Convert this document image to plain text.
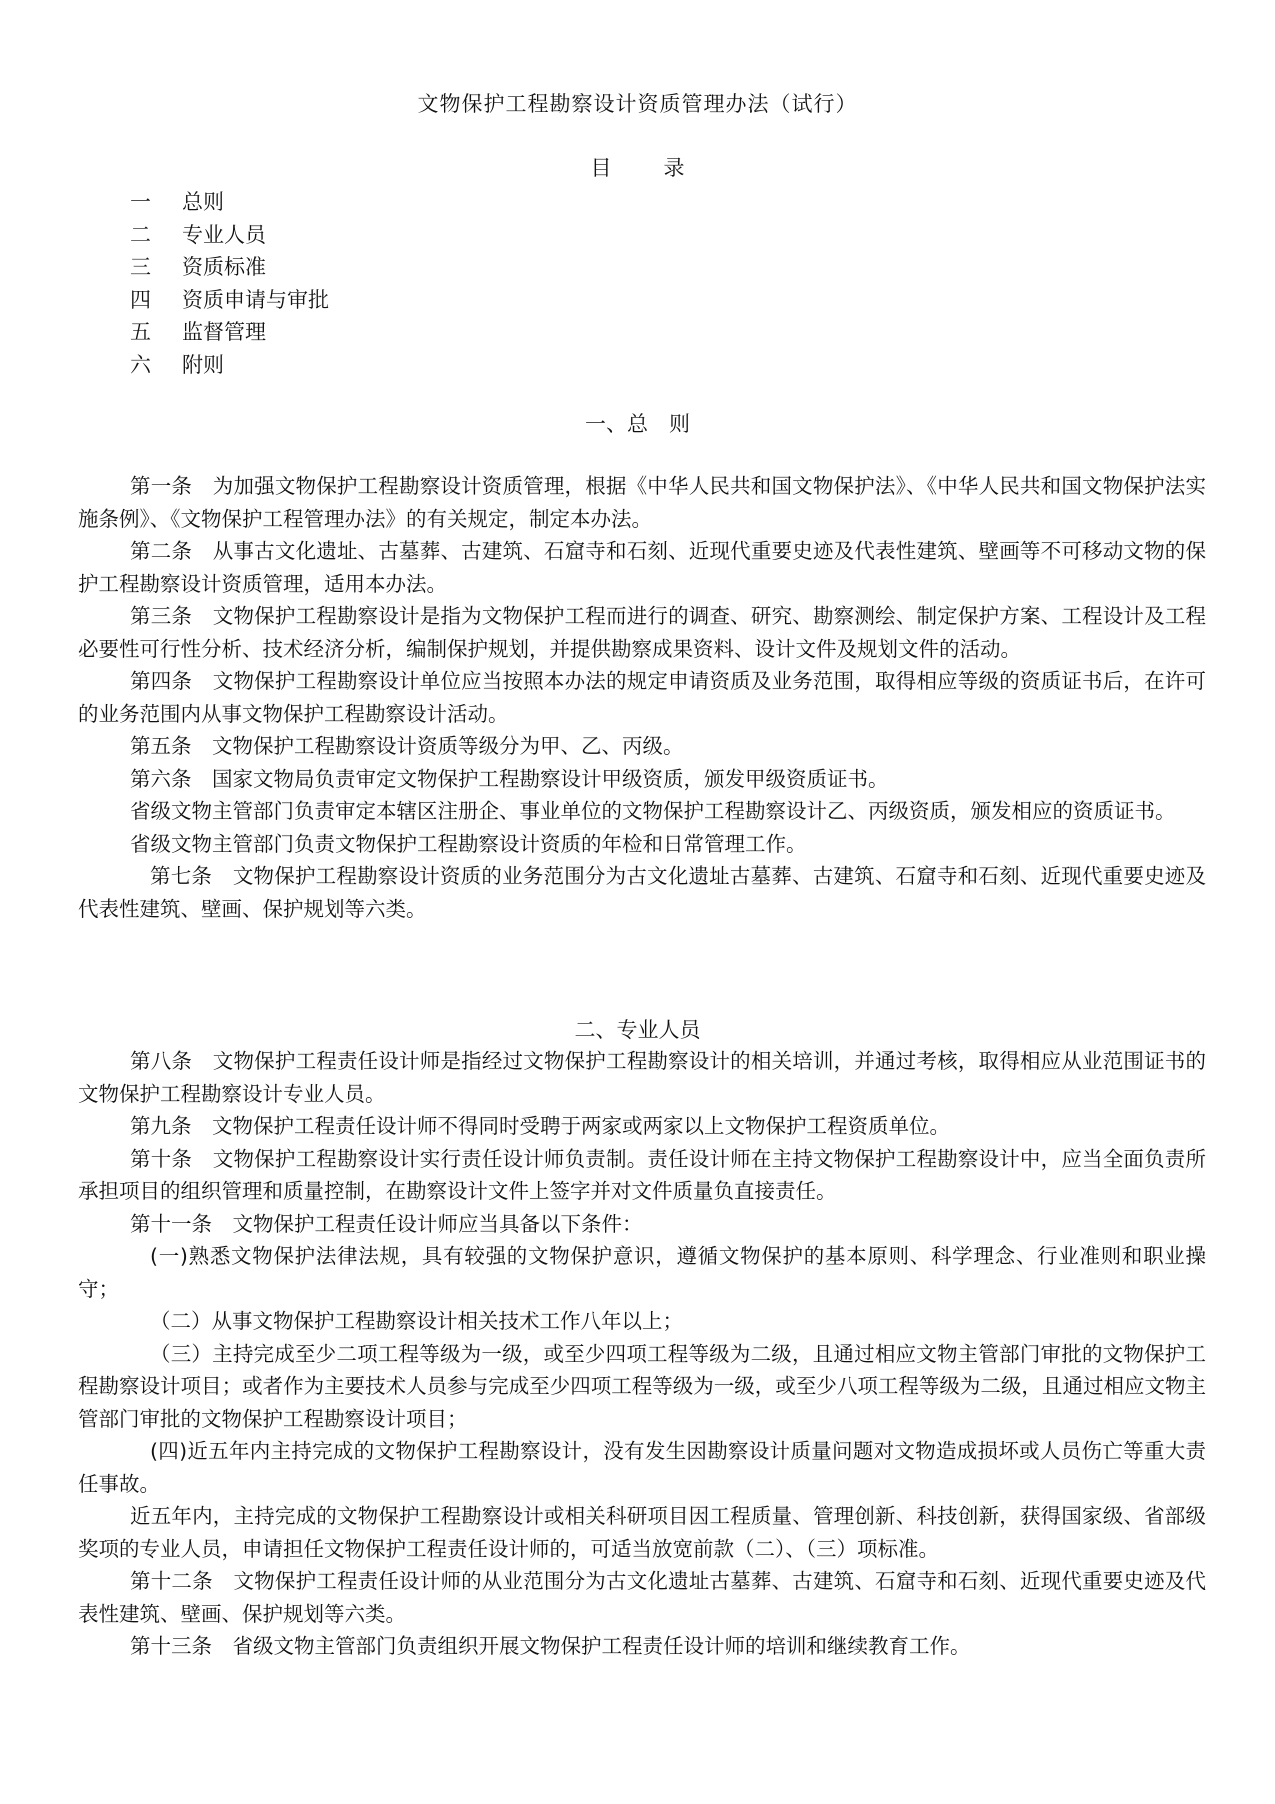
文物保护工程勘察设计资质管理办法（试行）
目 录
一 总则
二 专业人员
三 资质标准
四 资质申请与审批
五 监督管理
六 附则
一、总　则

第一条　为加强文物保护工程勘察设计资质管理，根据《中华人民共和国文物保护法》、《中华人民共和国文物保护法实施条例》、《文物保护工程管理办法》的有关规定，制定本办法。

第二条　从事古文化遗址、古墓葬、古建筑、石窟寺和石刻、近现代重要史迹及代表性建筑、壁画等不可移动文物的保护工程勘察设计资质管理，适用本办法。

第三条　文物保护工程勘察设计是指为文物保护工程而进行的调查、研究、勘察测绘、制定保护方案、工程设计及工程必要性可行性分析、技术经济分析，编制保护规划，并提供勘察成果资料、设计文件及规划文件的活动。

第四条　文物保护工程勘察设计单位应当按照本办法的规定申请资质及业务范围，取得相应等级的资质证书后，在许可的业务范围内从事文物保护工程勘察设计活动。

第五条　文物保护工程勘察设计资质等级分为甲、乙、丙级。

第六条　国家文物局负责审定文物保护工程勘察设计甲级资质，颁发甲级资质证书。

省级文物主管部门负责审定本辖区注册企、事业单位的文物保护工程勘察设计乙、丙级资质，颁发相应的资质证书。

省级文物主管部门负责文物保护工程勘察设计资质的年检和日常管理工作。

第七条　文物保护工程勘察设计资质的业务范围分为古文化遗址古墓葬、古建筑、石窟寺和石刻、近现代重要史迹及代表性建筑、壁画、保护规划等六类。

二、专业人员

第八条　文物保护工程责任设计师是指经过文物保护工程勘察设计的相关培训，并通过考核，取得相应从业范围证书的文物保护工程勘察设计专业人员。

第九条　文物保护工程责任设计师不得同时受聘于两家或两家以上文物保护工程资质单位。

第十条　文物保护工程勘察设计实行责任设计师负责制。责任设计师在主持文物保护工程勘察设计中，应当全面负责所承担项目的组织管理和质量控制，在勘察设计文件上签字并对文件质量负直接责任。

第十一条　文物保护工程责任设计师应当具备以下条件：

(一)熟悉文物保护法律法规，具有较强的文物保护意识，遵循文物保护的基本原则、科学理念、行业准则和职业操守；

（二）从事文物保护工程勘察设计相关技术工作八年以上；

（三）主持完成至少二项工程等级为一级，或至少四项工程等级为二级，且通过相应文物主管部门审批的文物保护工程勘察设计项目；或者作为主要技术人员参与完成至少四项工程等级为一级，或至少八项工程等级为二级，且通过相应文物主管部门审批的文物保护工程勘察设计项目；

(四)近五年内主持完成的文物保护工程勘察设计，没有发生因勘察设计质量问题对文物造成损坏或人员伤亡等重大责任事故。

近五年内，主持完成的文物保护工程勘察设计或相关科研项目因工程质量、管理创新、科技创新，获得国家级、省部级奖项的专业人员，申请担任文物保护工程责任设计师的，可适当放宽前款（二）、（三）项标准。

第十二条　文物保护工程责任设计师的从业范围分为古文化遗址古墓葬、古建筑、石窟寺和石刻、近现代重要史迹及代表性建筑、壁画、保护规划等六类。

第十三条　省级文物主管部门负责组织开展文物保护工程责任设计师的培训和继续教育工作。
